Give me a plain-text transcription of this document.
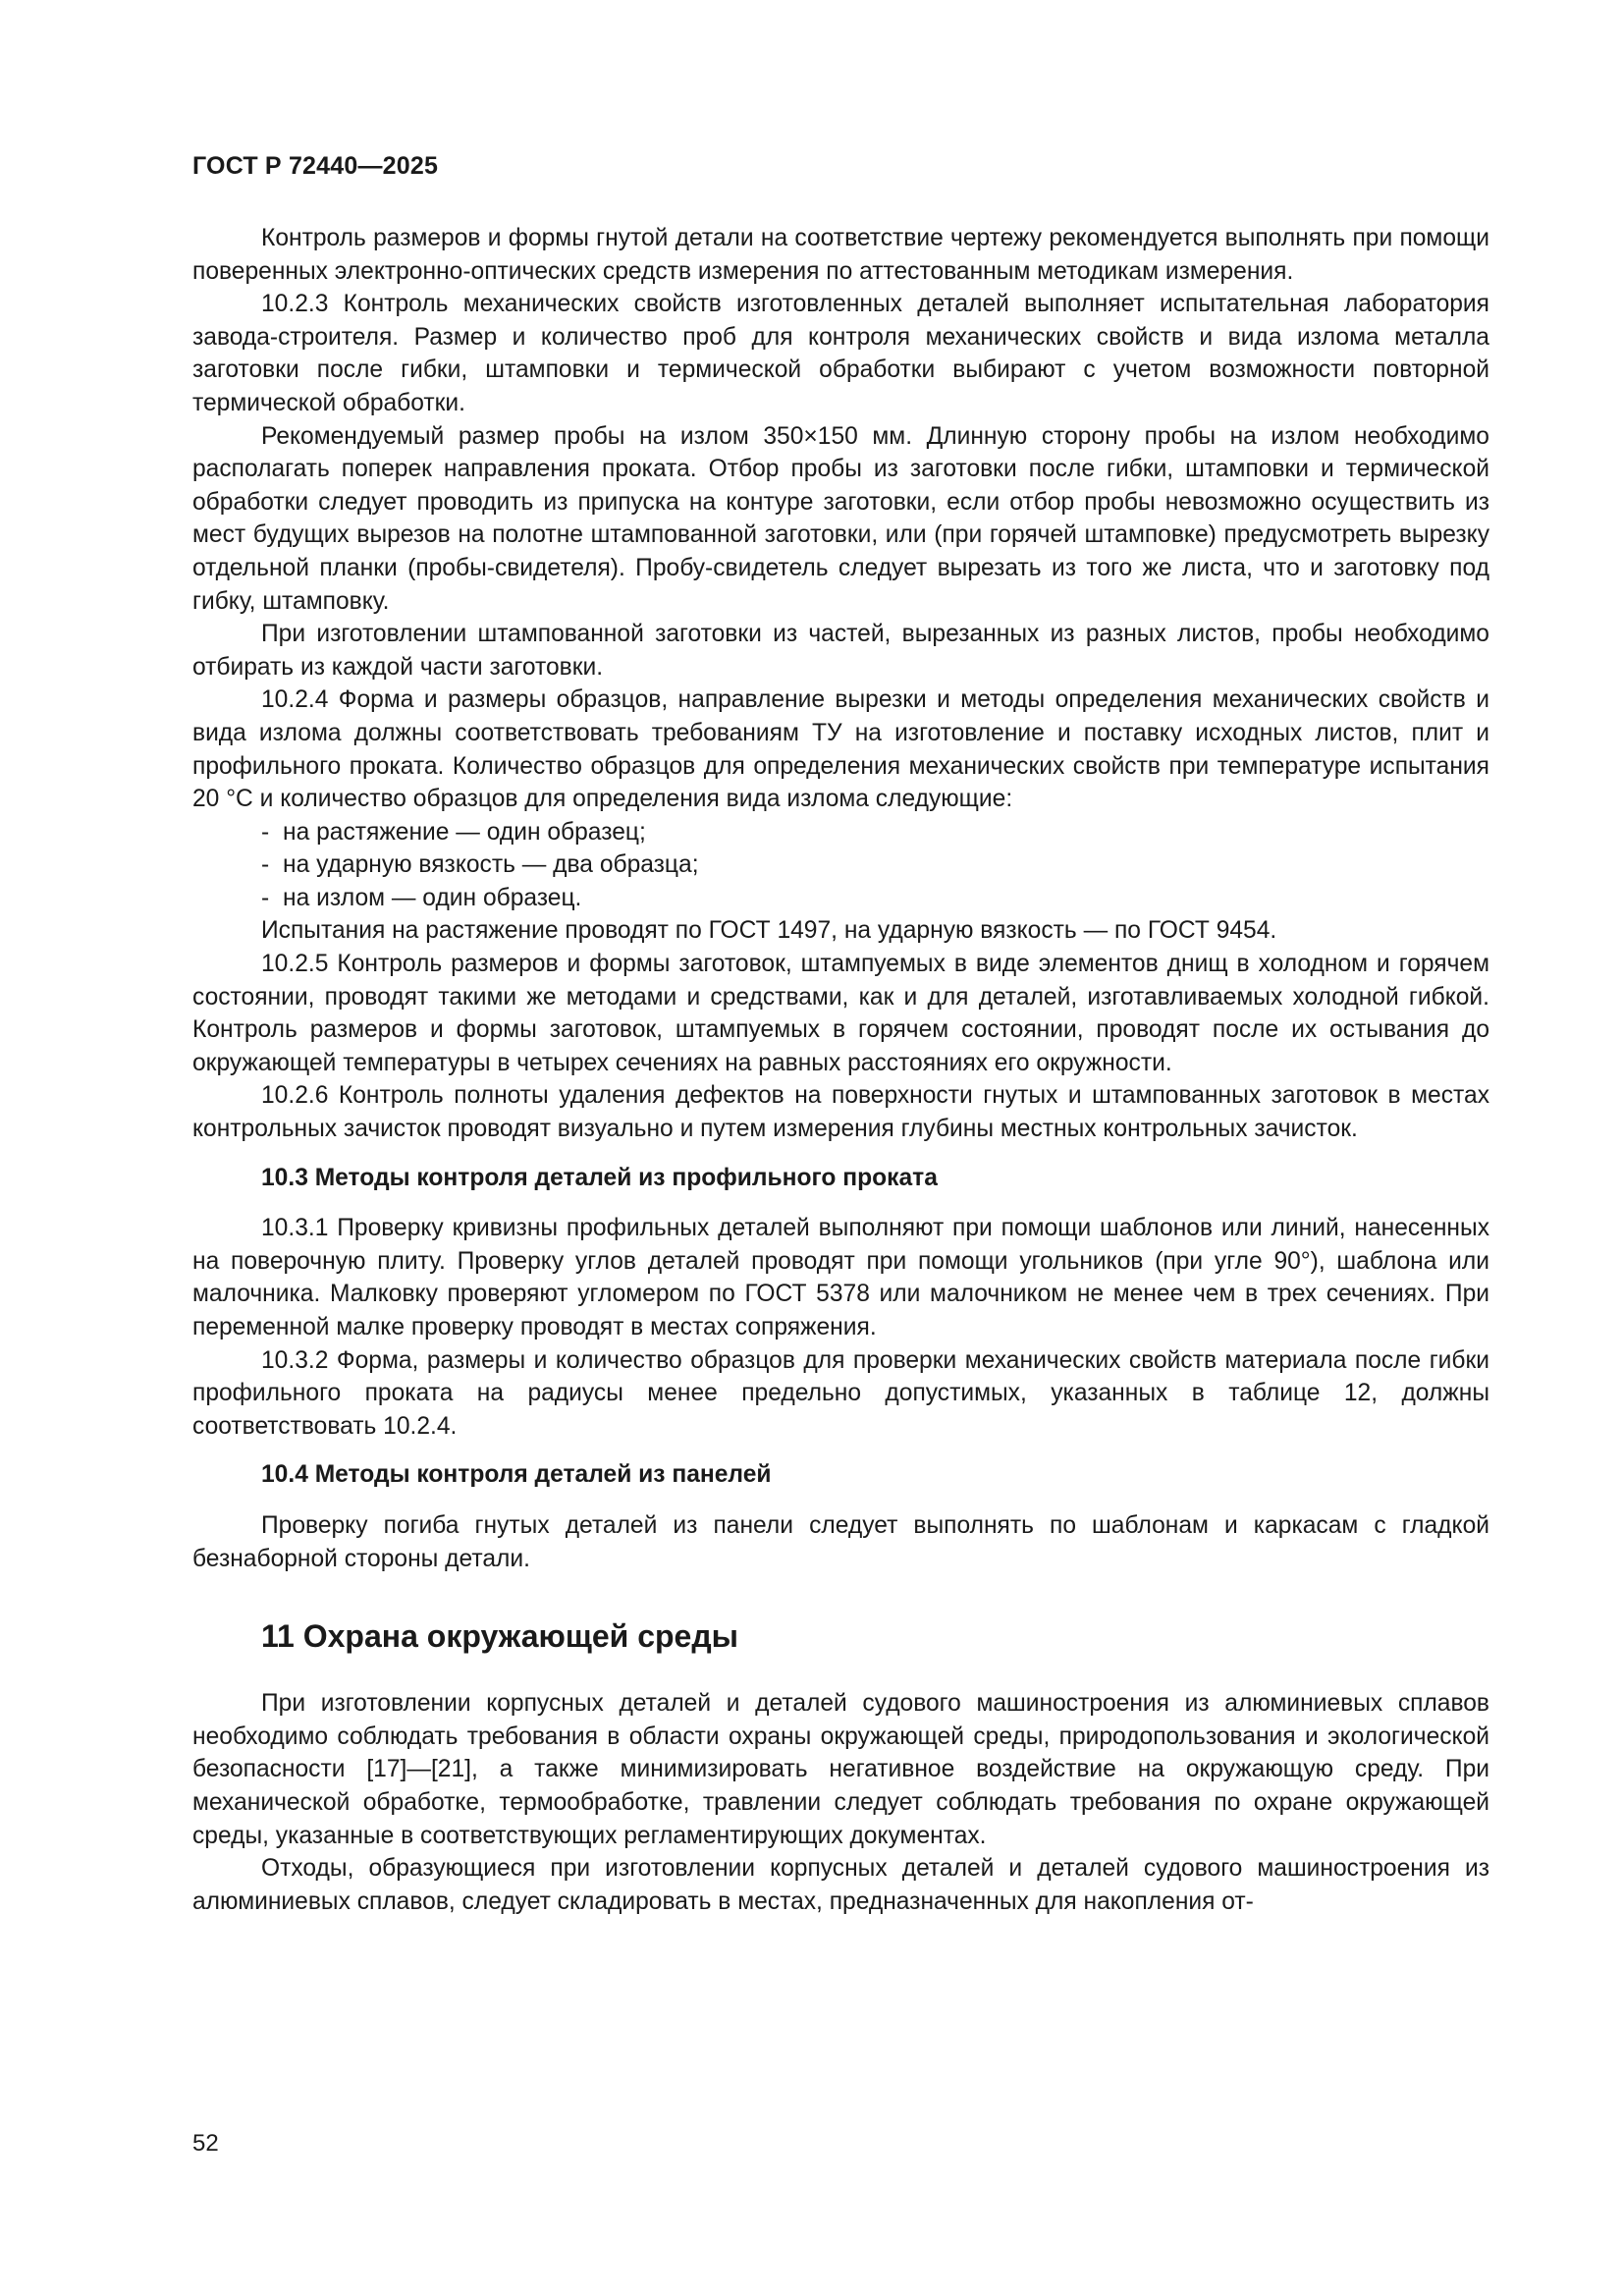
ГОСТ Р 72440—2025

Контроль размеров и формы гнутой детали на соответствие чертежу рекомендуется выполнять при помощи поверенных электронно-оптических средств измерения по аттестованным методикам измерения.

10.2.3 Контроль механических свойств изготовленных деталей выполняет испытательная лаборатория завода-строителя. Размер и количество проб для контроля механических свойств и вида излома металла заготовки после гибки, штамповки и термической обработки выбирают с учетом возможности повторной термической обработки.

Рекомендуемый размер пробы на излом 350×150 мм. Длинную сторону пробы на излом необходимо располагать поперек направления проката. Отбор пробы из заготовки после гибки, штамповки и термической обработки следует проводить из припуска на контуре заготовки, если отбор пробы невозможно осуществить из мест будущих вырезов на полотне штампованной заготовки, или (при горячей штамповке) предусмотреть вырезку отдельной планки (пробы-свидетеля). Пробу-свидетель следует вырезать из того же листа, что и заготовку под гибку, штамповку.

При изготовлении штампованной заготовки из частей, вырезанных из разных листов, пробы необходимо отбирать из каждой части заготовки.

10.2.4 Форма и размеры образцов, направление вырезки и методы определения механических свойств и вида излома должны соответствовать требованиям ТУ на изготовление и поставку исходных листов, плит и профильного проката. Количество образцов для определения механических свойств при температуре испытания 20 °С и количество образцов для определения вида излома следующие:

- на растяжение — один образец;
- на ударную вязкость — два образца;
- на излом — один образец.

Испытания на растяжение проводят по ГОСТ 1497, на ударную вязкость — по ГОСТ 9454.

10.2.5 Контроль размеров и формы заготовок, штампуемых в виде элементов днищ в холодном и горячем состоянии, проводят такими же методами и средствами, как и для деталей, изготавливаемых холодной гибкой. Контроль размеров и формы заготовок, штампуемых в горячем состоянии, проводят после их остывания до окружающей температуры в четырех сечениях на равных расстояниях его окружности.

10.2.6 Контроль полноты удаления дефектов на поверхности гнутых и штампованных заготовок в местах контрольных зачисток проводят визуально и путем измерения глубины местных контрольных зачисток.

10.3 Методы контроля деталей из профильного проката

10.3.1 Проверку кривизны профильных деталей выполняют при помощи шаблонов или линий, нанесенных на поверочную плиту. Проверку углов деталей проводят при помощи угольников (при угле 90°), шаблона или малочника. Малковку проверяют угломером по ГОСТ 5378 или малочником не менее чем в трех сечениях. При переменной малке проверку проводят в местах сопряжения.

10.3.2 Форма, размеры и количество образцов для проверки механических свойств материала после гибки профильного проката на радиусы менее предельно допустимых, указанных в таблице 12, должны соответствовать 10.2.4.

10.4 Методы контроля деталей из панелей

Проверку погиба гнутых деталей из панели следует выполнять по шаблонам и каркасам с гладкой безнаборной стороны детали.

11 Охрана окружающей среды

При изготовлении корпусных деталей и деталей судового машиностроения из алюминиевых сплавов необходимо соблюдать требования в области охраны окружающей среды, природопользования и экологической безопасности [17]—[21], а также минимизировать негативное воздействие на окружающую среду. При механической обработке, термообработке, травлении следует соблюдать требования по охране окружающей среды, указанные в соответствующих регламентирующих документах.

Отходы, образующиеся при изготовлении корпусных деталей и деталей судового машиностроения из алюминиевых сплавов, следует складировать в местах, предназначенных для накопления от-

52
